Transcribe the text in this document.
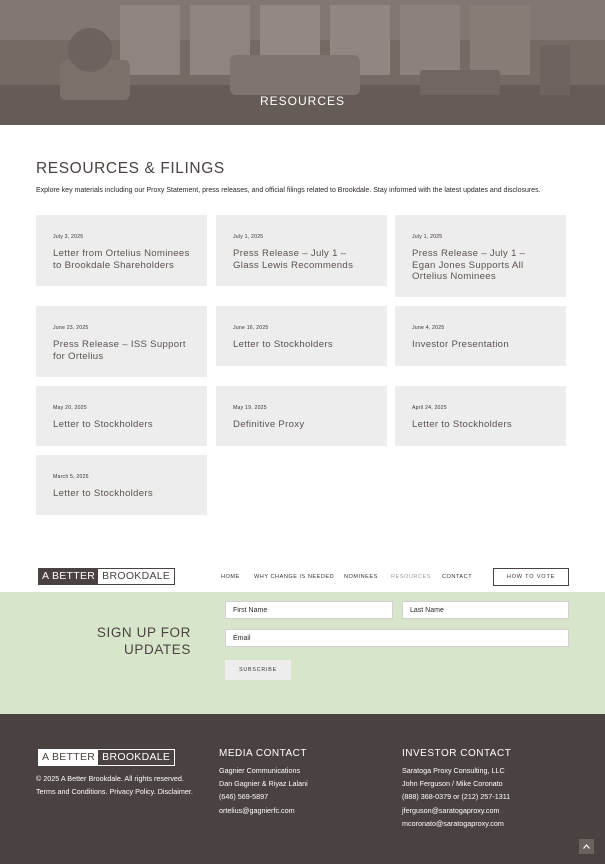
RESOURCES
RESOURCES & FILINGS
Explore key materials including our Proxy Statement, press releases, and official filings related to Brookdale. Stay informed with the latest updates and disclosures.
July 3, 2025
Letter from Ortelius Nominees to Brookdale Shareholders
July 1, 2025
Press Release – July 1 – Glass Lewis Recommends
July 1, 2025
Press Release – July 1 – Egan Jones Supports All Ortelius Nominees
June 23, 2025
Press Release – ISS Support for Ortelius
June 16, 2025
Letter to Stockholders
June 4, 2025
Investor Presentation
May 20, 2025
Letter to Stockholders
May 19, 2025
Definitive Proxy
April 24, 2025
Letter to Stockholders
March 5, 2025
Letter to Stockholders
A BETTER BROOKDALE	HOME	WHY CHANGE IS NEEDED NOMINEES RESOURCES CONTACT	HOW TO VOTE
SIGN UP FOR
UPDATES
First Name	Last Name
Email
SUBSCRIBE
A BETTER BROOKDALE
© 2025 A Better Brookdale. All rights reserved.
Terms and Conditions. Privacy Policy. Disclaimer.
MEDIA CONTACT
Gagnier Communications
Dan Gagnier & Riyaz Lalani
(646) 569-5897
ortelius@gagnierfc.com
INVESTOR CONTACT
Saratoga Proxy Consulting, LLC
John Ferguson / Mike Coronato
(888) 368-0379 or (212) 257-1311
jferguson@saratogaproxy.com
mcoronato@saratogaproxy.com
